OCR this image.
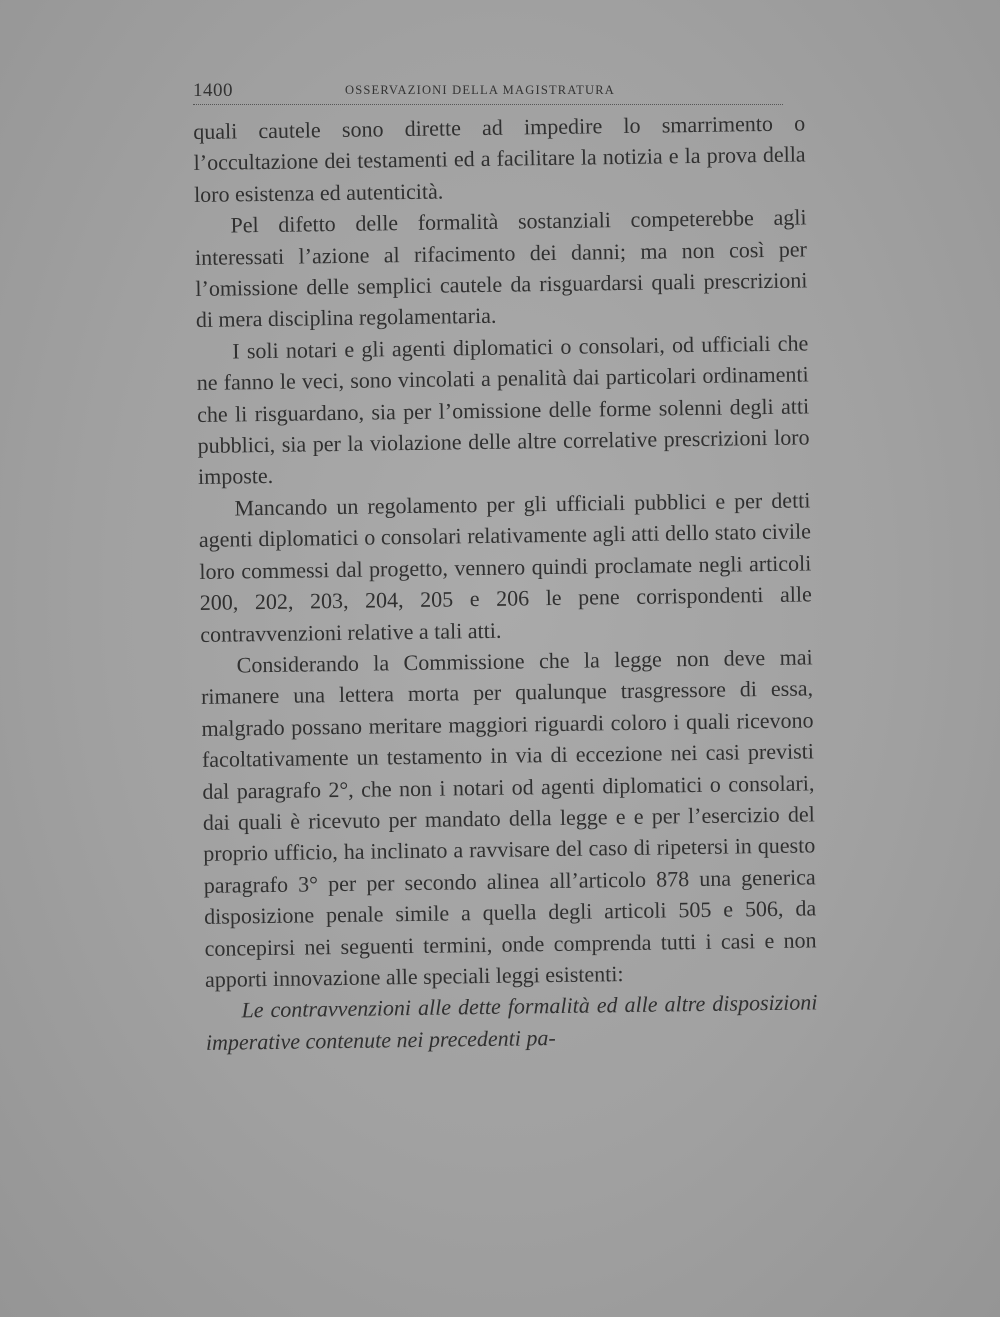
1400	OSSERVAZIONI DELLA MAGISTRATURA

quali cautele sono dirette ad impedire lo smarrimento o l’occultazione dei testamenti ed a facilitare la notizia e la prova della loro esistenza ed autenticità.

Pel difetto delle formalità sostanziali competerebbe agli interessati l’azione al rifacimento dei danni; ma non così per l’omissione delle semplici cautele da risguardarsi quali prescrizioni di mera disciplina regolamentaria.

I soli notari e gli agenti diplomatici o consolari, od ufficiali che ne fanno le veci, sono vincolati a penalità dai particolari ordinamenti che li risguardano, sia per l’omissione delle forme solenni degli atti pubblici, sia per la violazione delle altre correlative prescrizioni loro imposte.

Mancando un regolamento per gli ufficiali pubblici e per detti agenti diplomatici o consolari relativamente agli atti dello stato civile loro commessi dal progetto, vennero quindi proclamate negli articoli 200, 202, 203, 204, 205 e 206 le pene corrispondenti alle contravvenzioni relative a tali atti.

Considerando la Commissione che la legge non deve mai rimanere una lettera morta per qualunque trasgressore di essa, malgrado possano meritare maggiori riguardi coloro i quali ricevono facoltativamente un testamento in via di eccezione nei casi previsti dal paragrafo 2°, che non i notari od agenti diplomatici o consolari, dai quali è ricevuto per mandato della legge e e per l’esercizio del proprio ufficio, ha inclinato a ravvisare del caso di ripetersi in questo paragrafo 3° per per secondo alinea all’articolo 878 una generica disposizione penale simile a quella degli articoli 505 e 506, da concepirsi nei seguenti termini, onde comprenda tutti i casi e non apporti innovazione alle speciali leggi esistenti:

Le contravvenzioni alle dette formalità ed alle altre disposizioni imperative contenute nei precedenti pa-
